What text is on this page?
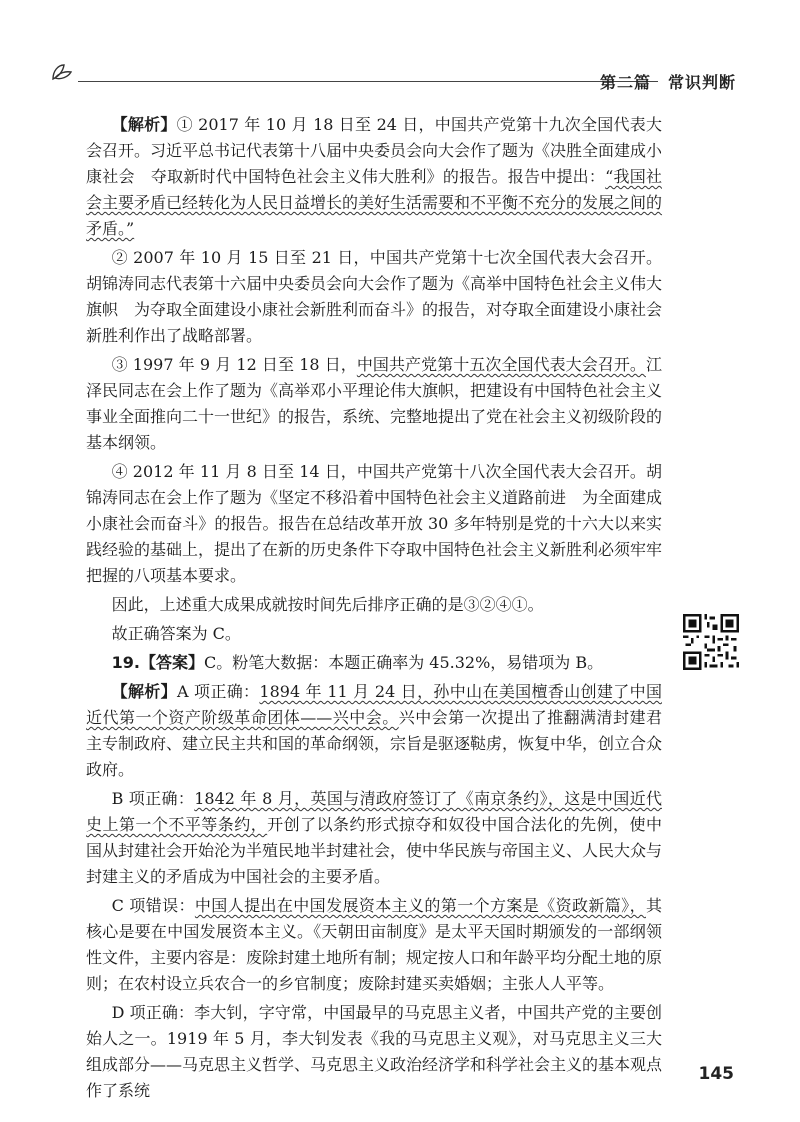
第二篇　常识判断

【解析】① 2017 年 10 月 18 日至 24 日，中国共产党第十九次全国代表大会召开。习近平总书记代表第十八届中央委员会向大会作了题为《决胜全面建成小康社会　夺取新时代中国特色社会主义伟大胜利》的报告。报告中提出：“我国社会主要矛盾已经转化为人民日益增长的美好生活需要和不平衡不充分的发展之间的矛盾。”

② 2007 年 10 月 15 日至 21 日，中国共产党第十七次全国代表大会召开。胡锦涛同志代表第十六届中央委员会向大会作了题为《高举中国特色社会主义伟大旗帜　为夺取全面建设小康社会新胜利而奋斗》的报告，对夺取全面建设小康社会新胜利作出了战略部署。

③ 1997 年 9 月 12 日至 18 日，中国共产党第十五次全国代表大会召开。江泽民同志在会上作了题为《高举邓小平理论伟大旗帜，把建设有中国特色社会主义事业全面推向二十一世纪》的报告，系统、完整地提出了党在社会主义初级阶段的基本纲领。

④ 2012 年 11 月 8 日至 14 日，中国共产党第十八次全国代表大会召开。胡锦涛同志在会上作了题为《坚定不移沿着中国特色社会主义道路前进　为全面建成小康社会而奋斗》的报告。报告在总结改革开放 30 多年特别是党的十六大以来实践经验的基础上，提出了在新的历史条件下夺取中国特色社会主义新胜利必须牢牢把握的八项基本要求。

因此，上述重大成果成就按时间先后排序正确的是③②④①。

故正确答案为 C。

19.【答案】C。粉笔大数据：本题正确率为 45.32%，易错项为 B。

【解析】A 项正确：1894 年 11 月 24 日，孙中山在美国檀香山创建了中国近代第一个资产阶级革命团体——兴中会。兴中会第一次提出了推翻满清封建君主专制政府、建立民主共和国的革命纲领，宗旨是驱逐鞑虏，恢复中华，创立合众政府。

B 项正确：1842 年 8 月，英国与清政府签订了《南京条约》，这是中国近代史上第一个不平等条约，开创了以条约形式掠夺和奴役中国合法化的先例，使中国从封建社会开始沦为半殖民地半封建社会，使中华民族与帝国主义、人民大众与封建主义的矛盾成为中国社会的主要矛盾。

C 项错误：中国人提出在中国发展资本主义的第一个方案是《资政新篇》，其核心是要在中国发展资本主义。《天朝田亩制度》是太平天国时期颁发的一部纲领性文件，主要内容是：废除封建土地所有制；规定按人口和年龄平均分配土地的原则；在农村设立兵农合一的乡官制度；废除封建买卖婚姻；主张人人平等。

D 项正确：李大钊，字守常，中国最早的马克思主义者，中国共产党的主要创始人之一。1919 年 5 月，李大钊发表《我的马克思主义观》，对马克思主义三大组成部分——马克思主义哲学、马克思主义政治经济学和科学社会主义的基本观点作了系统

145
